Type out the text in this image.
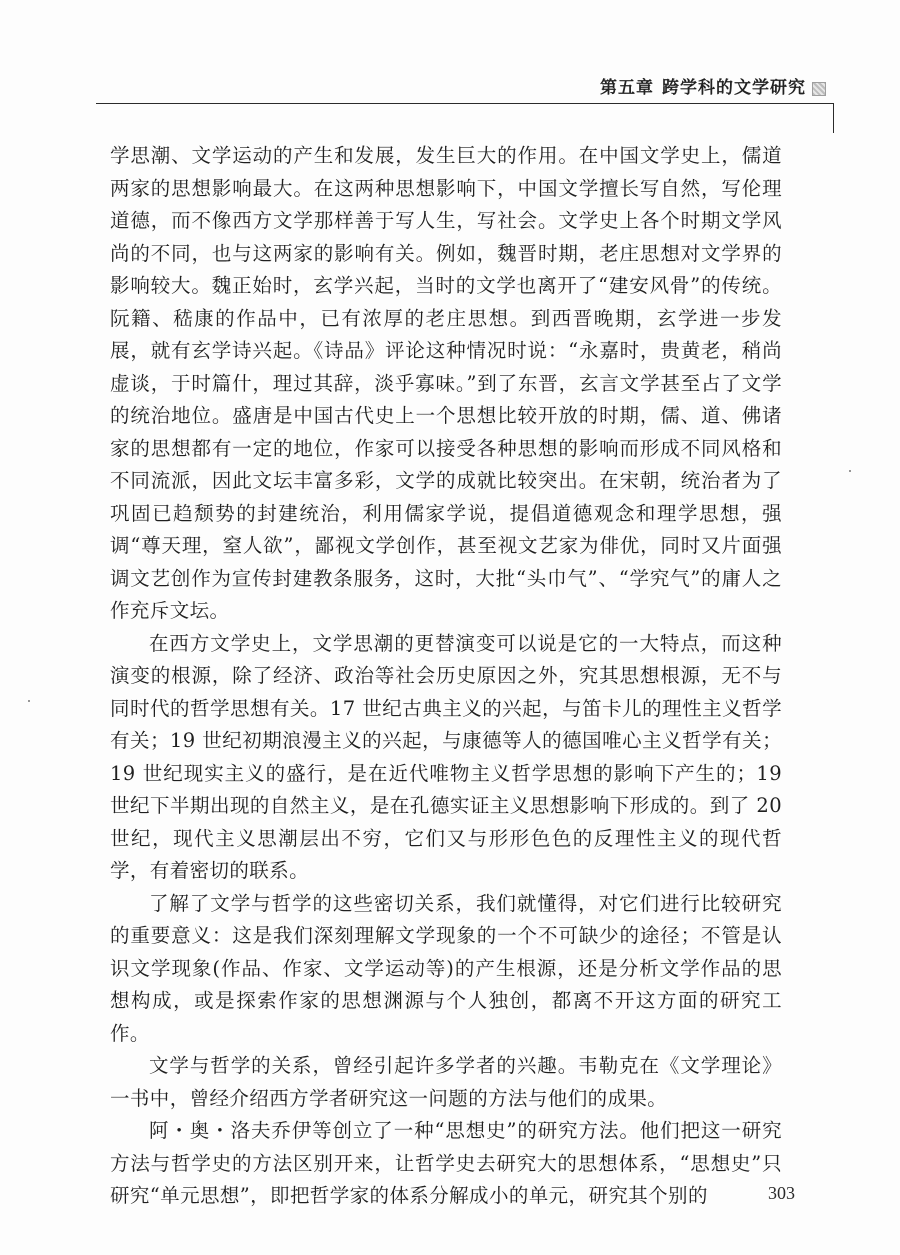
第五章 跨学科的文学研究

学思潮、文学运动的产生和发展，发生巨大的作用。在中国文学史上，儒道两家的思想影响最大。在这两种思想影响下，中国文学擅长写自然，写伦理道德，而不像西方文学那样善于写人生，写社会。文学史上各个时期文学风尚的不同，也与这两家的影响有关。例如，魏晋时期，老庄思想对文学界的影响较大。魏正始时，玄学兴起，当时的文学也离开了“建安风骨”的传统。阮籍、嵇康的作品中，已有浓厚的老庄思想。到西晋晚期，玄学进一步发展，就有玄学诗兴起。《诗品》评论这种情况时说：“永嘉时，贵黄老，稍尚虚谈，于时篇什，理过其辞，淡乎寡味。”到了东晋，玄言文学甚至占了文学的统治地位。盛唐是中国古代史上一个思想比较开放的时期，儒、道、佛诸家的思想都有一定的地位，作家可以接受各种思想的影响而形成不同风格和不同流派，因此文坛丰富多彩，文学的成就比较突出。在宋朝，统治者为了巩固已趋颓势的封建统治，利用儒家学说，提倡道德观念和理学思想，强调“尊天理，窒人欲”，鄙视文学创作，甚至视文艺家为俳优，同时又片面强调文艺创作为宣传封建教条服务，这时，大批“头巾气”、“学究气”的庸人之作充斥文坛。

在西方文学史上，文学思潮的更替演变可以说是它的一大特点，而这种演变的根源，除了经济、政治等社会历史原因之外，究其思想根源，无不与同时代的哲学思想有关。17 世纪古典主义的兴起，与笛卡儿的理性主义哲学有关；19 世纪初期浪漫主义的兴起，与康德等人的德国唯心主义哲学有关；19 世纪现实主义的盛行，是在近代唯物主义哲学思想的影响下产生的；19 世纪下半期出现的自然主义，是在孔德实证主义思想影响下形成的。到了 20 世纪，现代主义思潮层出不穷，它们又与形形色色的反理性主义的现代哲学，有着密切的联系。

了解了文学与哲学的这些密切关系，我们就懂得，对它们进行比较研究的重要意义：这是我们深刻理解文学现象的一个不可缺少的途径；不管是认识文学现象(作品、作家、文学运动等)的产生根源，还是分析文学作品的思想构成，或是探索作家的思想渊源与个人独创，都离不开这方面的研究工作。

文学与哲学的关系，曾经引起许多学者的兴趣。韦勒克在《文学理论》一书中，曾经介绍西方学者研究这一问题的方法与他们的成果。

阿・奥・洛夫乔伊等创立了一种“思想史”的研究方法。他们把这一研究方法与哲学史的方法区别开来，让哲学史去研究大的思想体系，“思想史”只研究“单元思想”，即把哲学家的体系分解成小的单元，研究其个别的	303
